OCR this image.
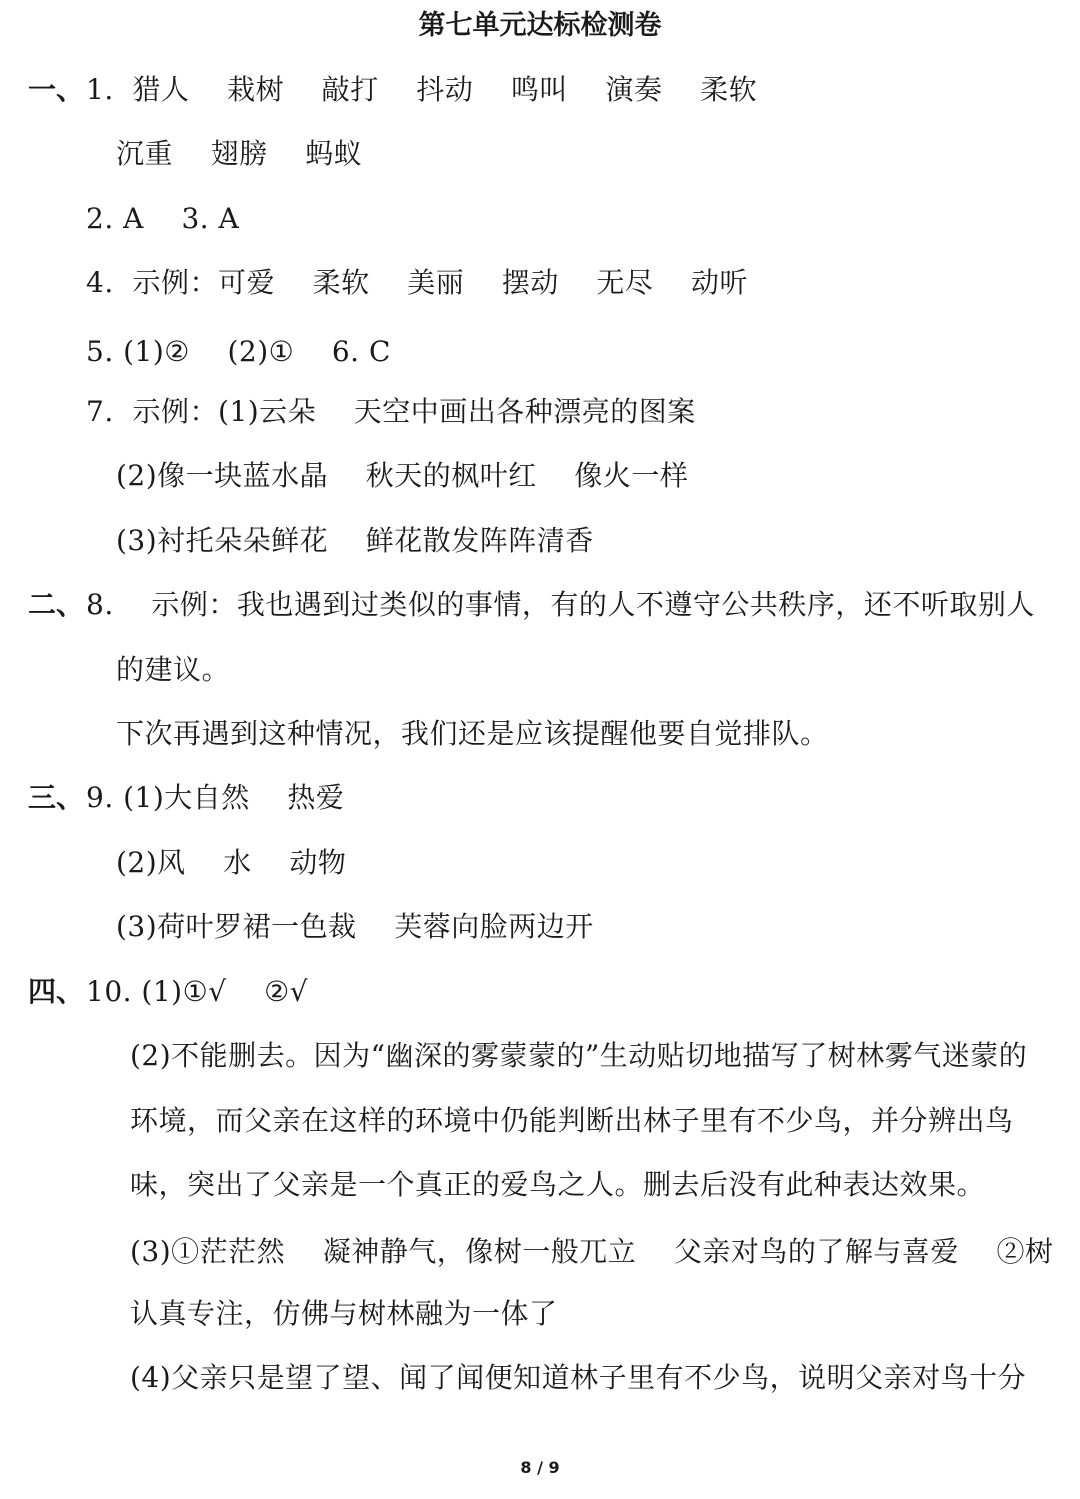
第七单元达标检测卷
一、 1.  猎人    栽树    敲打    抖动    鸣叫    演奏    柔软
沉重    翅膀    蚂蚁
2. A    3. A
4.  示例：可爱    柔软    美丽    摆动    无尽    动听
5. (1)②    (2)①    6. C
7.  示例：(1)云朵    天空中画出各种漂亮的图案
(2)像一块蓝水晶    秋天的枫叶红    像火一样
(3)衬托朵朵鲜花    鲜花散发阵阵清香
二、 8.    示例：我也遇到过类似的事情，有的人不遵守公共秩序，还不听取别人
的建议。
下次再遇到这种情况，我们还是应该提醒他要自觉排队。
三、 9. (1)大自然    热爱
(2)风    水    动物
(3)荷叶罗裙一色裁    芙蓉向脸两边开
四、 10. (1)①√    ②√
(2)不能删去。因为“幽深的雾蒙蒙的”生动贴切地描写了树林雾气迷蒙的
环境，而父亲在这样的环境中仍能判断出林子里有不少鸟，并分辨出鸟
味，突出了父亲是一个真正的爱鸟之人。删去后没有此种表达效果。
(3)①茫茫然    凝神静气，像树一般兀立    父亲对鸟的了解与喜爱    ②树
认真专注，仿佛与树林融为一体了
(4)父亲只是望了望、闻了闻便知道林子里有不少鸟，说明父亲对鸟十分
8 / 9
